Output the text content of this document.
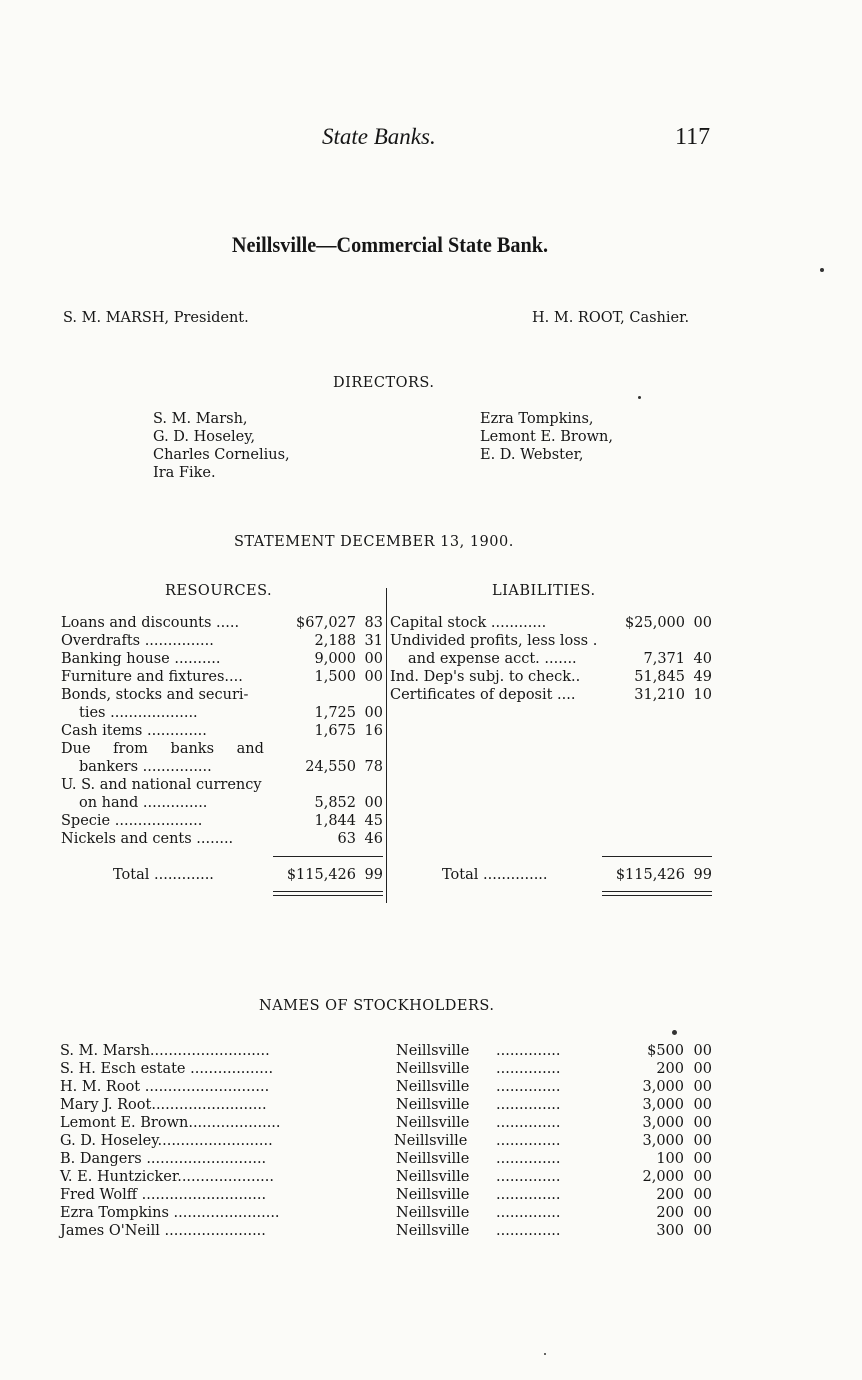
State Banks.	117
Neillsville—Commercial State Bank.
S. M. MARSH, President.	H. M. ROOT, Cashier.
DIRECTORS.
S. M. Marsh,
G. D. Hoseley,
Charles Cornelius,
Ira Fike.
Ezra Tompkins,
Lemont E. Brown,
E. D. Webster,
STATEMENT DECEMBER 13, 1900.
RESOURCES.	LIABILITIES.
Loans and discounts .....	$67,027 83
Overdrafts ...............	2,188 31
Banking house ..........	9,000 00
Furniture and fixtures....	1,500 00
Bonds, stocks and securi-
ties ...................	1,725 00
Cash items .............	1,675 16
Due from banks and
bankers ...............	24,550 78
U. S. and national currency
on hand ..............	5,852 00
Specie ...................	1,844 45
Nickels and cents ........	63 46
Total .............	$115,426 99
Capital stock ............	$25,000 00
Undivided profits, less loss .
and expense acct. .......	7,371 40
Ind. Dep's subj. to check..	51,845 49
Certificates of deposit ....	31,210 10
Total ..............	$115,426 99
NAMES OF STOCKHOLDERS.
S. M. Marsh..........................	Neillsville ..............	$500 00
S. H. Esch estate ..................	Neillsville ..............	200 00
H. M. Root ...........................	Neillsville ..............	3,000 00
Mary J. Root.........................	Neillsville ..............	3,000 00
Lemont E. Brown....................	Neillsville ..............	3,000 00
G. D. Hoseley.........................	Neillsville ..............	3,000 00
B. Dangers ..........................	Neillsville ..............	100 00
V. E. Huntzicker.....................	Neillsville ..............	2,000 00
Fred Wolff ...........................	Neillsville ..............	200 00
Ezra Tompkins .......................	Neillsville ..............	200 00
James O'Neill ......................	Neillsville ..............	300 00
